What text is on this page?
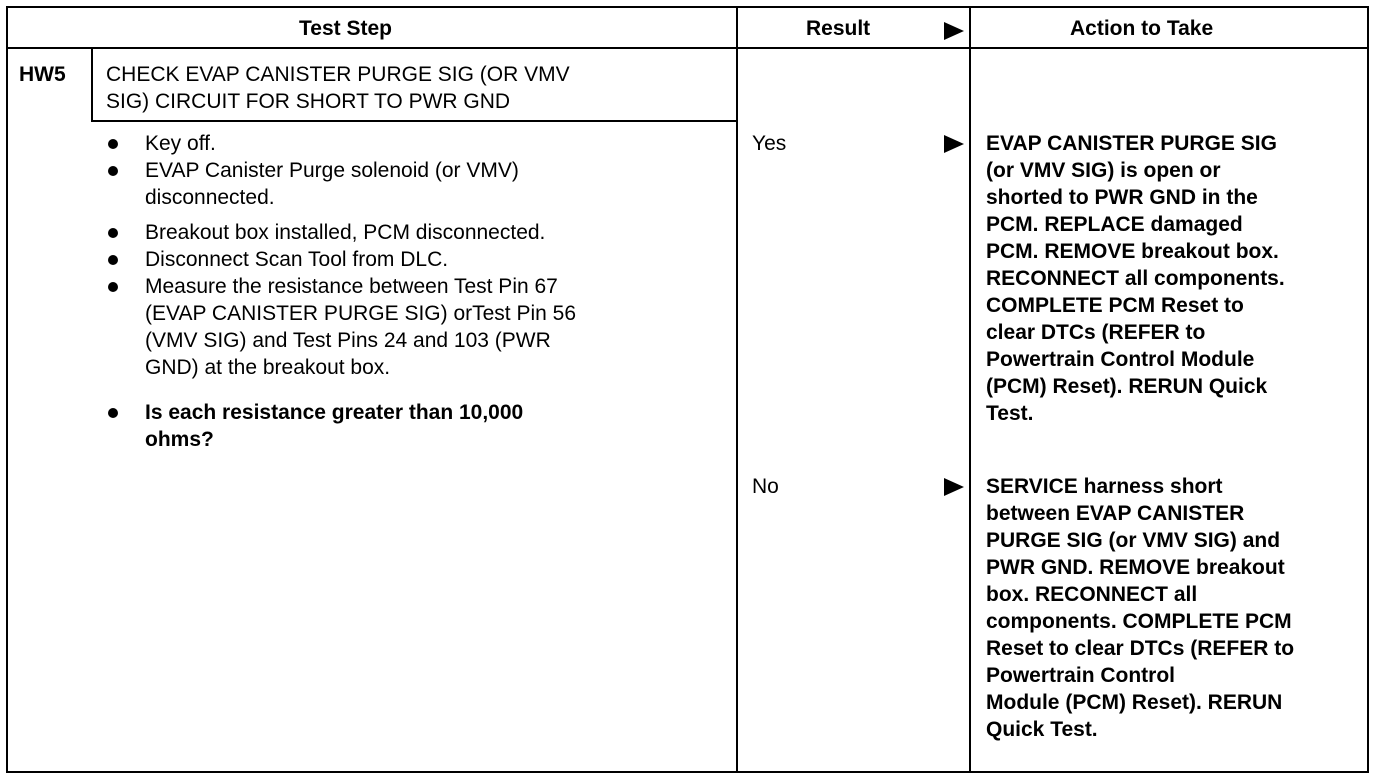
Test Step	Result	Action to Take
HW5 CHECK EVAP CANISTER PURGE SIG (OR VMV
SIG) CIRCUIT FOR SHORT TO PWR GND
Key off.
EVAP Canister Purge solenoid (or VMV)
disconnected.
Breakout box installed, PCM disconnected.
Disconnect Scan Tool from DLC.
Measure the resistance between Test Pin 67
(EVAP CANISTER PURGE SIG) orTest Pin 56
(VMV SIG) and Test Pins 24 and 103 (PWR
GND) at the breakout box.
Is each resistance greater than 10,000
ohms?
Yes	EVAP CANISTER PURGE SIG
(or VMV SIG) is open or
shorted to PWR GND in the
PCM. REPLACE damaged
PCM. REMOVE breakout box.
RECONNECT all components.
COMPLETE PCM Reset to
clear DTCs (REFER to
Powertrain Control Module
(PCM) Reset). RERUN Quick
Test.
No	SERVICE harness short
between EVAP CANISTER
PURGE SIG (or VMV SIG) and
PWR GND. REMOVE breakout
box. RECONNECT all
components. COMPLETE PCM
Reset to clear DTCs (REFER to
Powertrain Control
Module (PCM) Reset). RERUN
Quick Test.
